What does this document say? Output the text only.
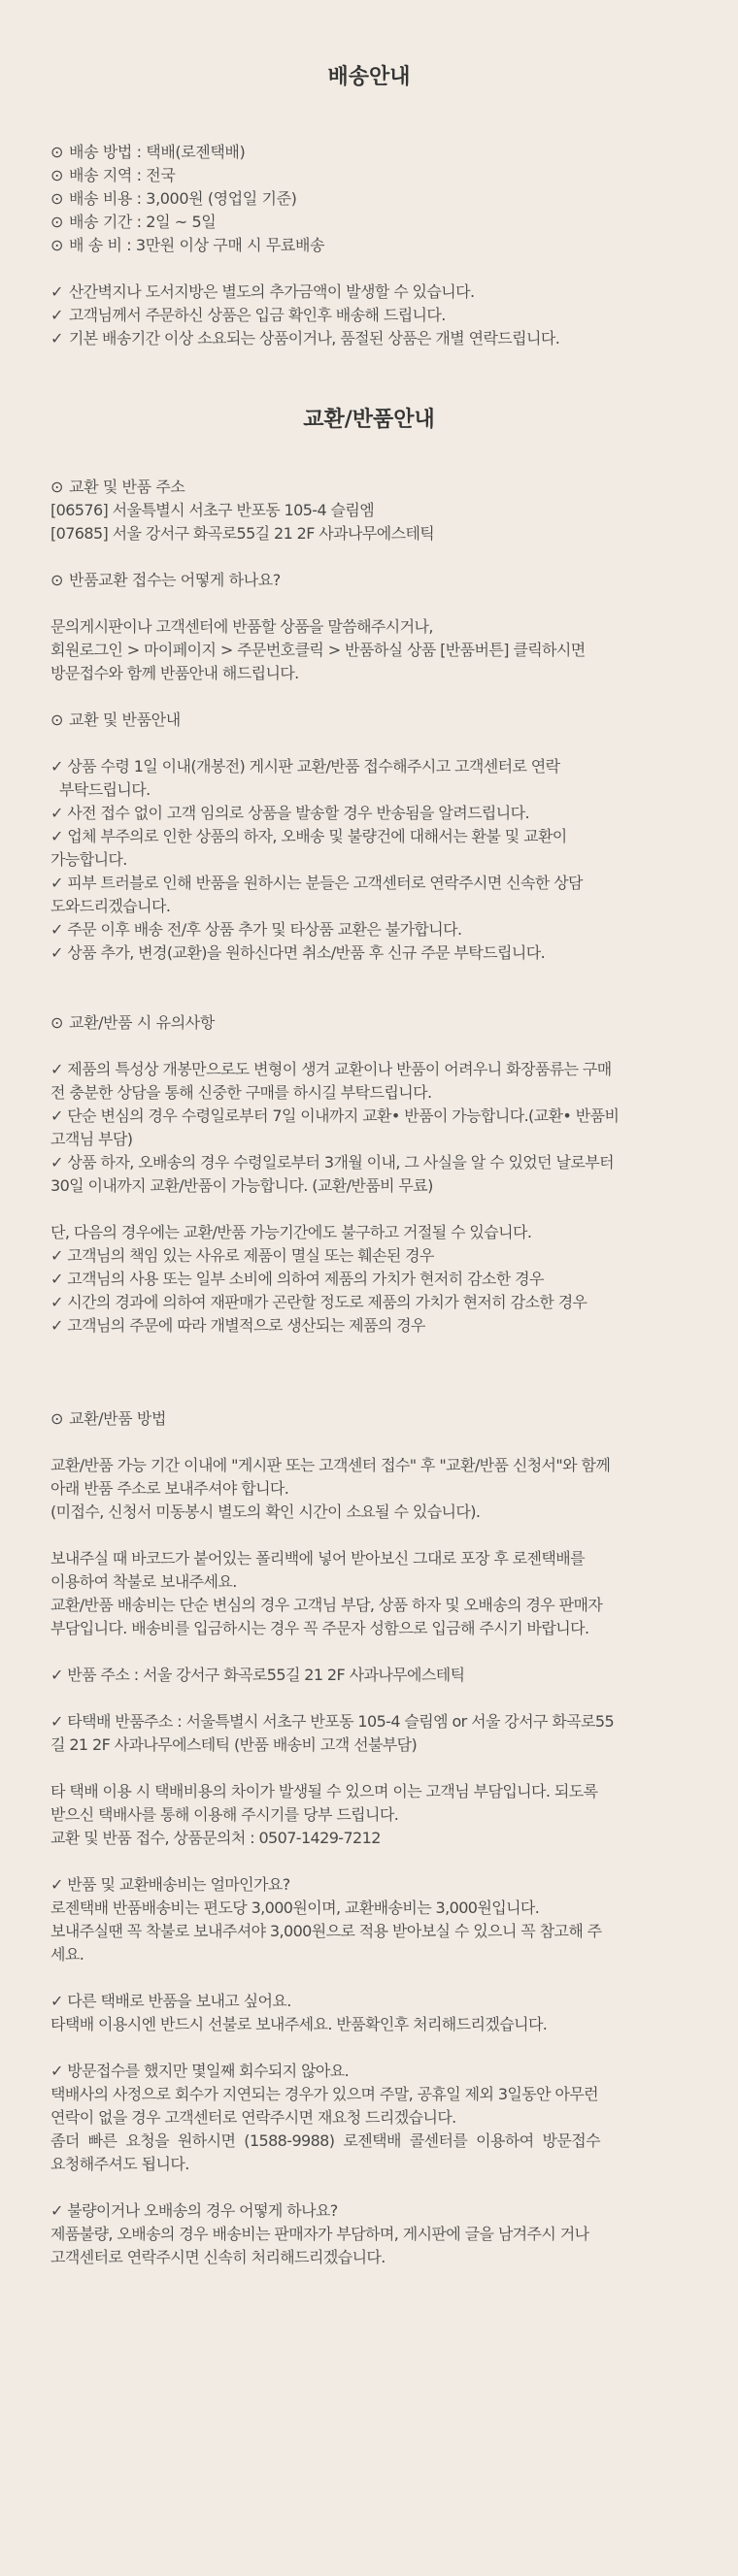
배송안내
⊙ 배송 방법 : 택배(로젠택배)
⊙ 배송 지역 : 전국
⊙ 배송 비용 : 3,000원 (영업일 기준)
⊙ 배송 기간 : 2일 ~ 5일
⊙ 배 송 비 : 3만원 이상 구매 시 무료배송
✓ 산간벽지나 도서지방은 별도의 추가금액이 발생할 수 있습니다.
✓ 고객님께서 주문하신 상품은 입금 확인후 배송해 드립니다.
✓ 기본 배송기간 이상 소요되는 상품이거나, 품절된 상품은 개별 연락드립니다.
교환/반품안내
⊙ 교환 및 반품 주소
[06576] 서울특별시 서초구 반포동 105-4 슬림엠
[07685] 서울 강서구 화곡로55길 21 2F 사과나무에스테틱
⊙ 반품교환 접수는 어떻게 하나요?
문의게시판이나 고객센터에 반품할 상품을 말씀해주시거나,
회원로그인 > 마이페이지 > 주문번호클릭 > 반품하실 상품 [반품버튼] 클릭하시면
방문접수와 함께 반품안내 해드립니다.
⊙ 교환 및 반품안내
✓ 상품 수령 1일 이내(개봉전) 게시판 교환/반품 접수해주시고 고객센터로 연락
부탁드립니다.
✓ 사전 접수 없이 고객 임의로 상품을 발송할 경우 반송됨을 알려드립니다.
✓ 업체 부주의로 인한 상품의 하자, 오배송 및 불량건에 대해서는 환불 및 교환이
가능합니다.
✓ 피부 트러블로 인해 반품을 원하시는 분들은 고객센터로 연락주시면 신속한 상담
도와드리겠습니다.
✓ 주문 이후 배송 전/후 상품 추가 및 타상품 교환은 불가합니다.
✓ 상품 추가, 변경(교환)을 원하신다면 취소/반품 후 신규 주문 부탁드립니다.
⊙ 교환/반품 시 유의사항
✓ 제품의 특성상 개봉만으로도 변형이 생겨 교환이나 반품이 어려우니 화장품류는 구매
전 충분한 상담을 통해 신중한 구매를 하시길 부탁드립니다.
✓ 단순 변심의 경우 수령일로부터 7일 이내까지 교환• 반품이 가능합니다.(교환• 반품비
고객님 부담)
✓ 상품 하자, 오배송의 경우 수령일로부터 3개월 이내, 그 사실을 알 수 있었던 날로부터
30일 이내까지 교환/반품이 가능합니다. (교환/반품비 무료)
단, 다음의 경우에는 교환/반품 가능기간에도 불구하고 거절될 수 있습니다.
✓ 고객님의 책임 있는 사유로 제품이 멸실 또는 훼손된 경우
✓ 고객님의 사용 또는 일부 소비에 의하여 제품의 가치가 현저히 감소한 경우
✓ 시간의 경과에 의하여 재판매가 곤란할 정도로 제품의 가치가 현저히 감소한 경우
✓ 고객님의 주문에 따라 개별적으로 생산되는 제품의 경우
⊙ 교환/반품 방법
교환/반품 가능 기간 이내에 "게시판 또는 고객센터 접수" 후 "교환/반품 신청서"와 함께
아래 반품 주소로 보내주셔야 합니다.
(미접수, 신청서 미동봉시 별도의 확인 시간이 소요될 수 있습니다).
보내주실 때 바코드가 붙어있는 폴리백에 넣어 받아보신 그대로 포장 후 로젠택배를
이용하여 착불로 보내주세요.
교환/반품 배송비는 단순 변심의 경우 고객님 부담, 상품 하자 및 오배송의 경우 판매자
부담입니다. 배송비를 입금하시는 경우 꼭 주문자 성함으로 입금해 주시기 바랍니다.
✓ 반품 주소 : 서울 강서구 화곡로55길 21 2F 사과나무에스테틱
✓ 타택배 반품주소 : 서울특별시 서초구 반포동 105-4 슬림엠 or 서울 강서구 화곡로55
길 21 2F 사과나무에스테틱 (반품 배송비 고객 선불부담)
타 택배 이용 시 택배비용의 차이가 발생될 수 있으며 이는 고객님 부담입니다. 되도록
받으신 택배사를 통해 이용해 주시기를 당부 드립니다.
교환 및 반품 접수, 상품문의처 : 0507-1429-7212
✓ 반품 및 교환배송비는 얼마인가요?
로젠택배 반품배송비는 편도당 3,000원이며, 교환배송비는 3,000원입니다.
보내주실땐 꼭 착불로 보내주셔야 3,000원으로 적용 받아보실 수 있으니 꼭 참고해 주
세요.
✓ 다른 택배로 반품을 보내고 싶어요.
타택배 이용시엔 반드시 선불로 보내주세요. 반품확인후 처리해드리겠습니다.
✓ 방문접수를 했지만 몇일째 회수되지 않아요.
택배사의 사정으로 회수가 지연되는 경우가 있으며 주말, 공휴일 제외 3일동안 아무런
연락이 없을 경우 고객센터로 연락주시면 재요청 드리겠습니다.
좀더  빠른  요청을  원하시면  (1588-9988)  로젠택배  콜센터를  이용하여  방문접수
요청해주셔도 됩니다.
✓ 불량이거나 오배송의 경우 어떻게 하나요?
제품불량, 오배송의 경우 배송비는 판매자가 부담하며, 게시판에 글을 남겨주시 거나
고객센터로 연락주시면 신속히 처리해드리겠습니다.
